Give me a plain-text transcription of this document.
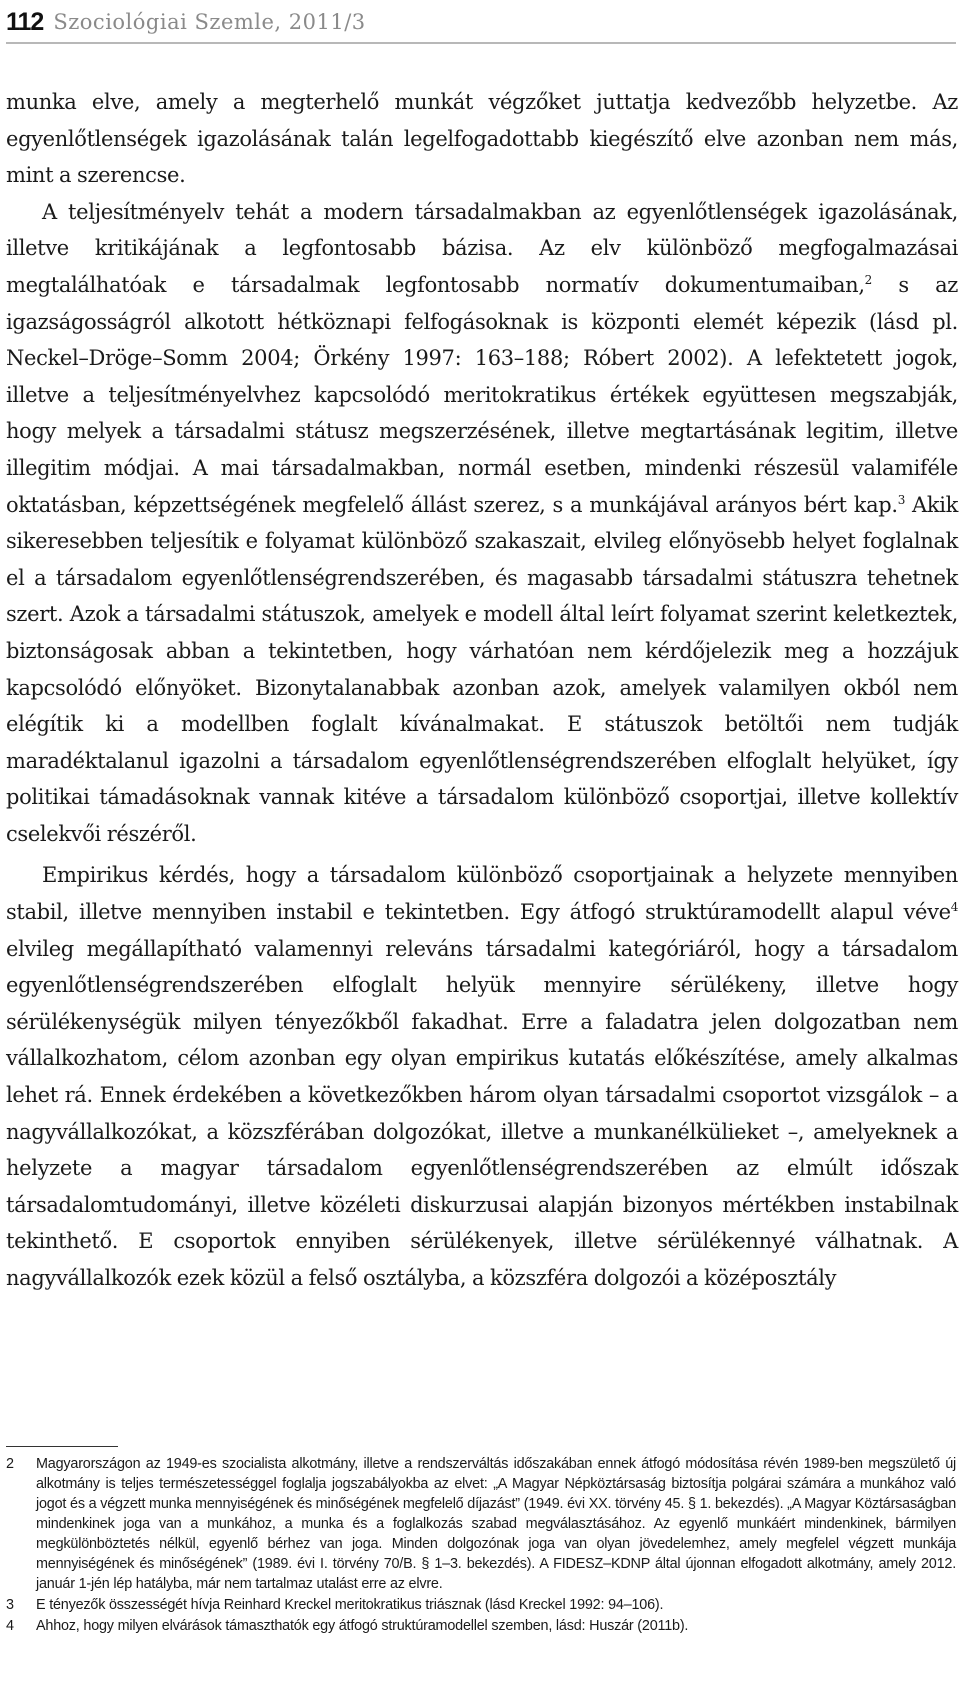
112 Szociológiai Szemle, 2011/3

munka elve, amely a megterhelő munkát végzőket juttatja kedvezőbb helyzetbe. Az egyenlőtlenségek igazolásának talán legelfogadottabb kiegészítő elve azonban nem más, mint a szerencse.

A teljesítményelv tehát a modern társadalmakban az egyenlőtlenségek igazolásának, illetve kritikájának a legfontosabb bázisa. Az elv különböző megfogalmazásai megtalálhatóak e társadalmak legfontosabb normatív dokumentumaiban,$^2$ s az igazságosságról alkotott hétköznapi felfogásoknak is központi elemét képezik (lásd pl. Neckel–Dröge–Somm 2004; Örkény 1997: 163–188; Róbert 2002). A lefektetett jogok, illetve a teljesítményelvhez kapcsolódó meritokratikus értékek együttesen megszabják, hogy melyek a társadalmi státusz megszerzésének, illetve megtartásának legitim, illetve illegitim módjai. A mai társadalmakban, normál esetben, mindenki részesül valamiféle oktatásban, képzettségének megfelelő állást szerez, s a munkájával arányos bért kap.$^3$ Akik sikeresebben teljesítik e folyamat különböző szakaszait, elvileg előnyösebb helyet foglalnak el a társadalom egyenlőtlenségrendszerében, és magasabb társadalmi státuszra tehetnek szert. Azok a társadalmi státuszok, amelyek e modell által leírt folyamat szerint keletkeztek, biztonságosak abban a tekintetben, hogy várhatóan nem kérdőjelezik meg a hozzájuk kapcsolódó előnyöket. Bizonytalanabbak azonban azok, amelyek valamilyen okból nem elégítik ki a modellben foglalt kívánalmakat. E státuszok betöltői nem tudják maradéktalanul igazolni a társadalom egyenlőtlenségrendszerében elfoglalt helyüket, így politikai támadásoknak vannak kitéve a társadalom különböző csoportjai, illetve kollektív cselekvői részéről.

Empirikus kérdés, hogy a társadalom különböző csoportjainak a helyzete mennyiben stabil, illetve mennyiben instabil e tekintetben. Egy átfogó struktúramodellt alapul véve$^4$ elvileg megállapítható valamennyi releváns társadalmi kategóriáról, hogy a társadalom egyenlőtlenségrendszerében elfoglalt helyük mennyire sérülékeny, illetve hogy sérülékenységük milyen tényezőkből fakadhat. Erre a faladatra jelen dolgozatban nem vállalkozhatom, célom azonban egy olyan empirikus kutatás előkészítése, amely alkalmas lehet rá. Ennek érdekében a következőkben három olyan társadalmi csoportot vizsgálok – a nagyvállalkozókat, a közszférában dolgozókat, illetve a munkanélkülieket –, amelyeknek a helyzete a magyar társadalom egyenlőtlenségrendszerében az elmúlt időszak társadalomtudományi, illetve közéleti diskurzusai alapján bizonyos mértékben instabilnak tekinthető. E csoportok ennyiben sérülékenyek, illetve sérülékennyé válhatnak. A nagyvállalkozók ezek közül a felső osztályba, a közszféra dolgozói a középosztály

2 Magyarországon az 1949-es szocialista alkotmány, illetve a rendszerváltás időszakában ennek átfogó módosítása révén 1989-ben megszülető új alkotmány is teljes természetességgel foglalja jogszabályokba az elvet: „A Magyar Népköztársaság biztosítja polgárai számára a munkához való jogot és a végzett munka mennyiségének és minőségének megfelelő díjazást” (1949. évi XX. törvény 45. § 1. bekezdés). „A Magyar Köztársaságban mindenkinek joga van a munkához, a munka és a foglalkozás szabad megválasztásához. Az egyenlő munkáért mindenkinek, bármilyen megkülönböztetés nélkül, egyenlő bérhez van joga. Minden dolgozónak joga van olyan jövedelemhez, amely megfelel végzett munkája mennyiségének és minőségének” (1989. évi I. törvény 70/B. § 1–3. bekezdés). A FIDESZ–KDNP által újonnan elfogadott alkotmány, amely 2012. január 1-jén lép hatályba, már nem tartalmaz utalást erre az elvre.
3 E tényezők összességét hívja Reinhard Kreckel meritokratikus triásznak (lásd Kreckel 1992: 94–106).
4 Ahhoz, hogy milyen elvárások támaszthatók egy átfogó struktúramodellel szemben, lásd: Huszár (2011b).
